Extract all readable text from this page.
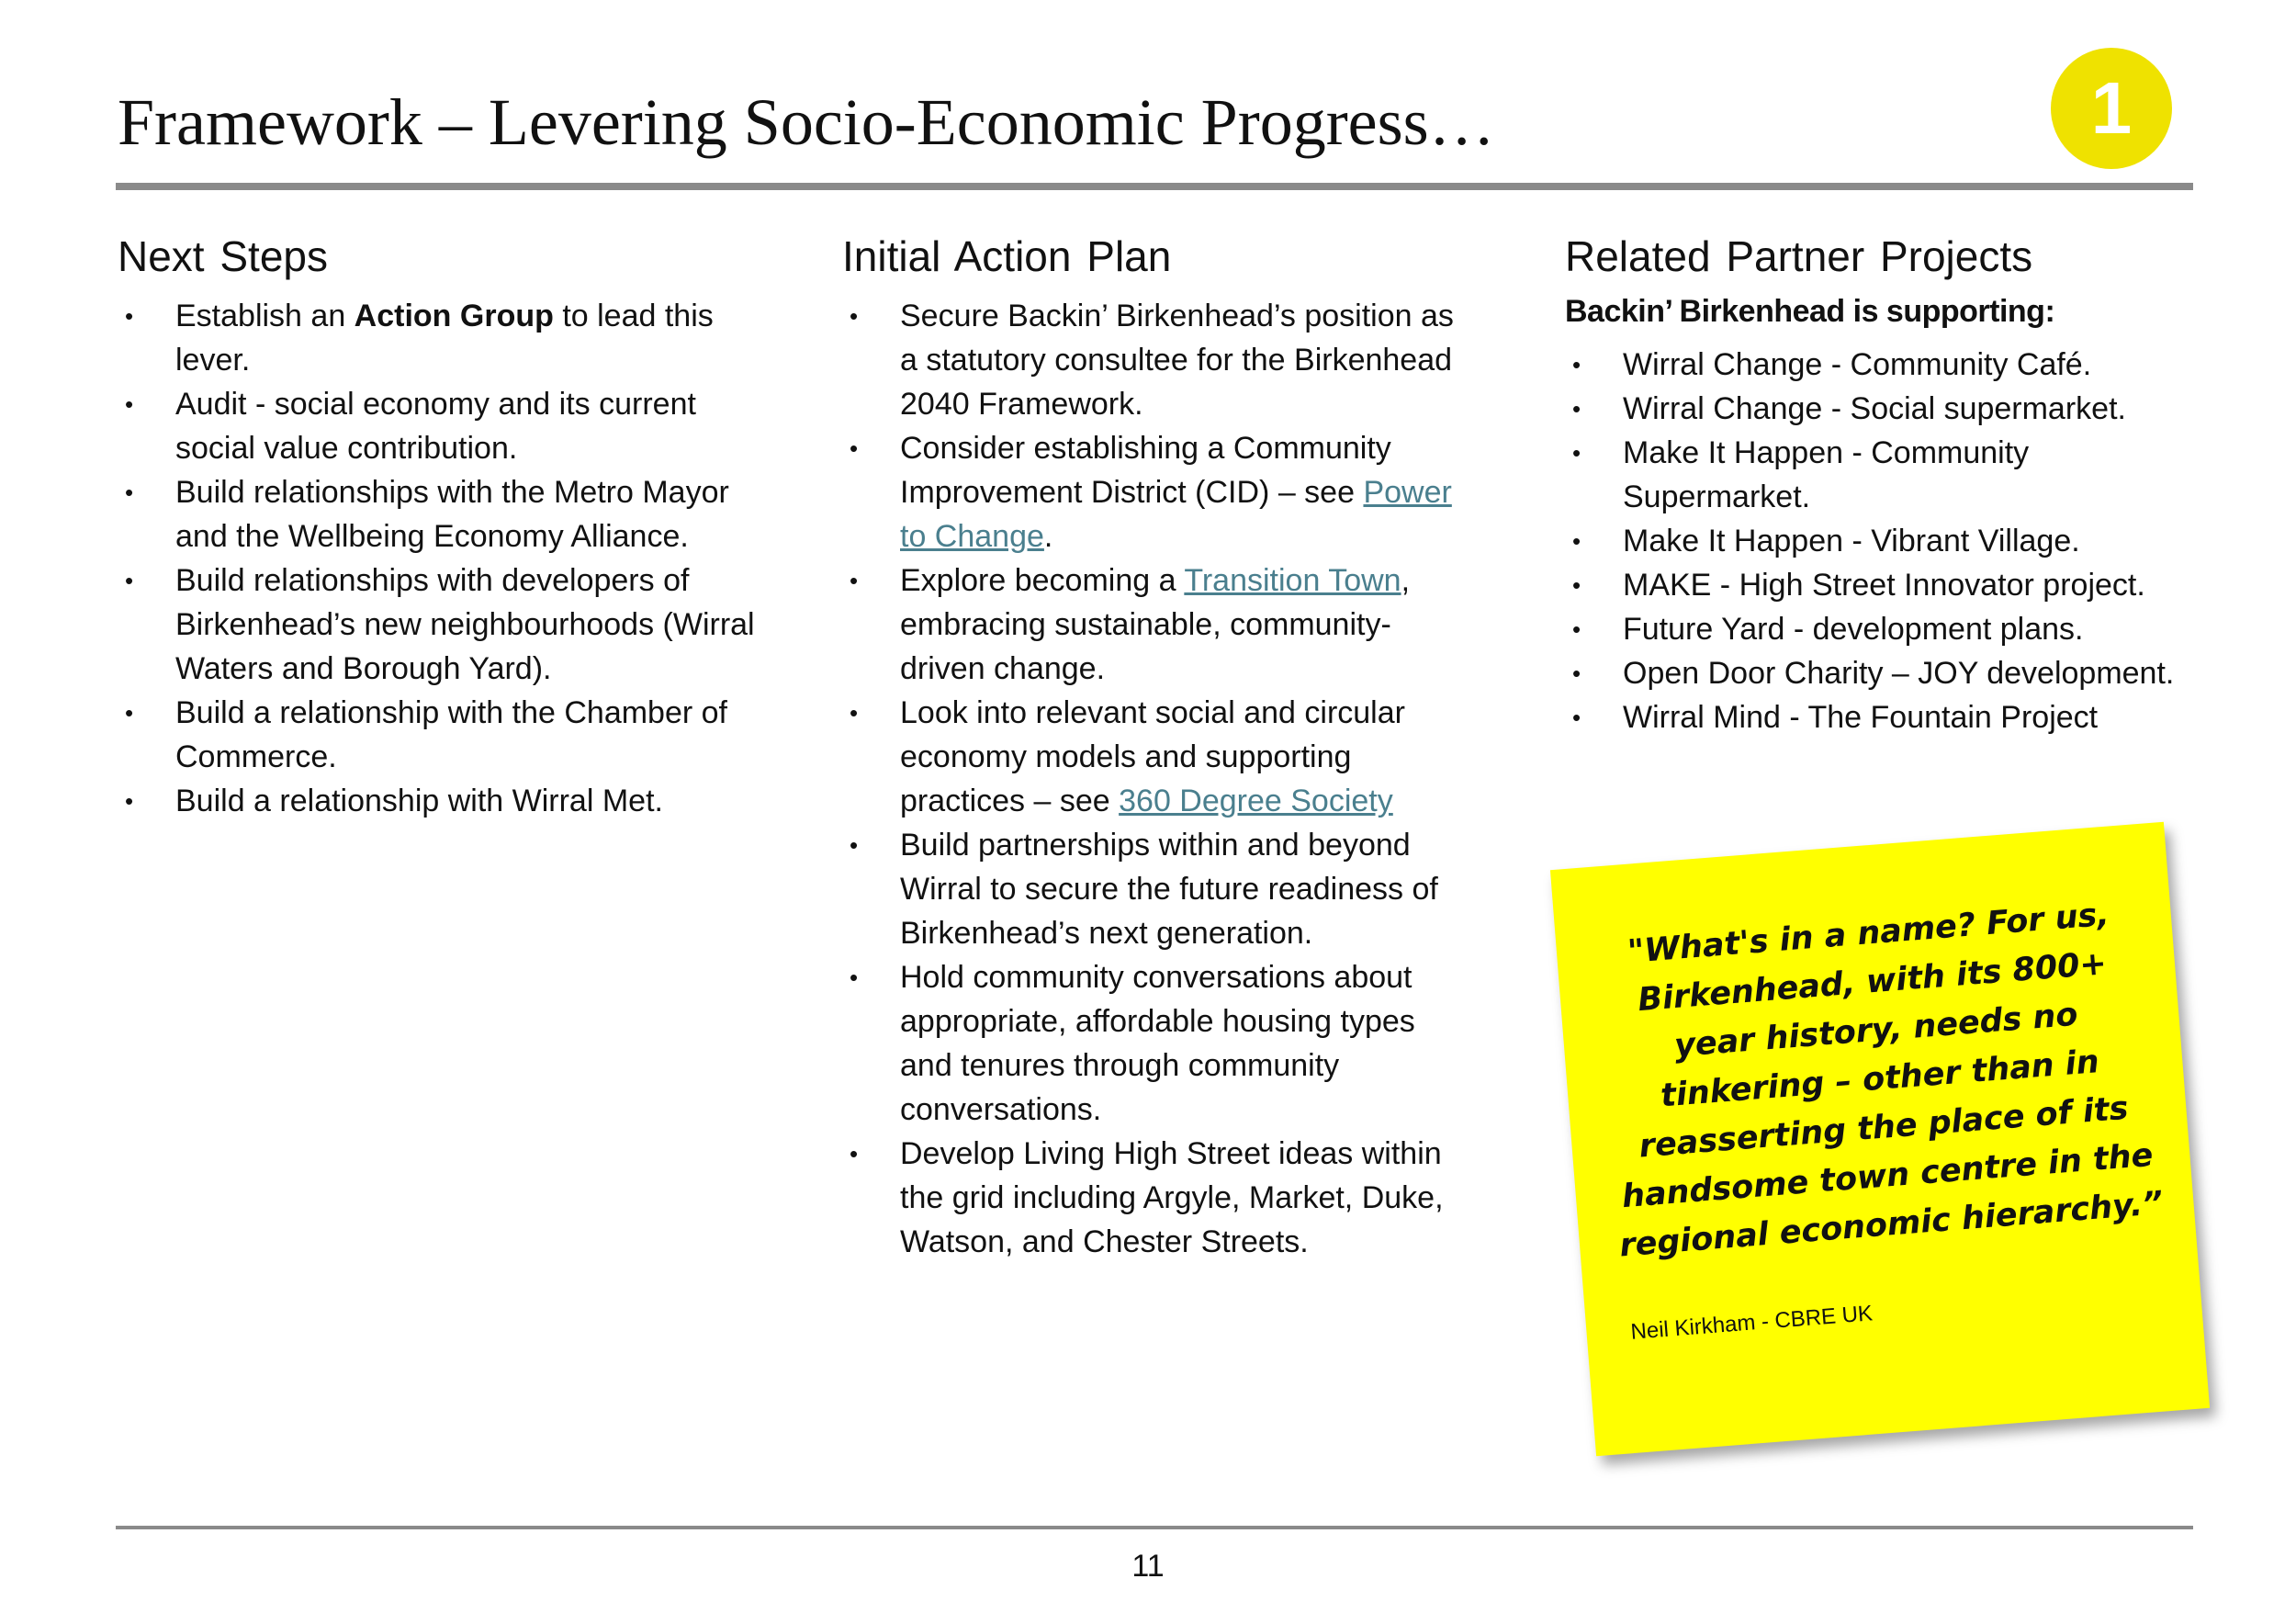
Framework – Levering Socio-Economic Progress…	1
Next Steps
• Establish an Action Group to lead this lever.
• Audit - social economy and its current social value contribution.
• Build relationships with the Metro Mayor and the Wellbeing Economy Alliance.
• Build relationships with developers of Birkenhead’s new neighbourhoods (Wirral Waters and Borough Yard).
• Build a relationship with the Chamber of Commerce.
• Build a relationship with Wirral Met.
Initial Action Plan
• Secure Backin’ Birkenhead’s position as a statutory consultee for the Birkenhead 2040 Framework.
• Consider establishing a Community Improvement District (CID) – see Power to Change.
• Explore becoming a Transition Town, embracing sustainable, community-driven change.
• Look into relevant social and circular economy models and supporting practices – see 360 Degree Society
• Build partnerships within and beyond Wirral to secure the future readiness of Birkenhead’s next generation.
• Hold community conversations about appropriate, affordable housing types and tenures through community conversations.
• Develop Living High Street ideas within the grid including Argyle, Market, Duke, Watson, and Chester Streets.
Related Partner Projects
Backin’ Birkenhead is supporting:
• Wirral Change - Community Café.
• Wirral Change - Social supermarket.
• Make It Happen - Community Supermarket.
• Make It Happen - Vibrant Village.
• MAKE - High Street Innovator project.
• Future Yard - development plans.
• Open Door Charity – JOY development.
• Wirral Mind - The Fountain Project
"What's in a name? For us, Birkenhead, with its 800+ year history, needs no tinkering – other than in reasserting the place of its handsome town centre in the regional economic hierarchy.”
Neil Kirkham - CBRE UK
11
